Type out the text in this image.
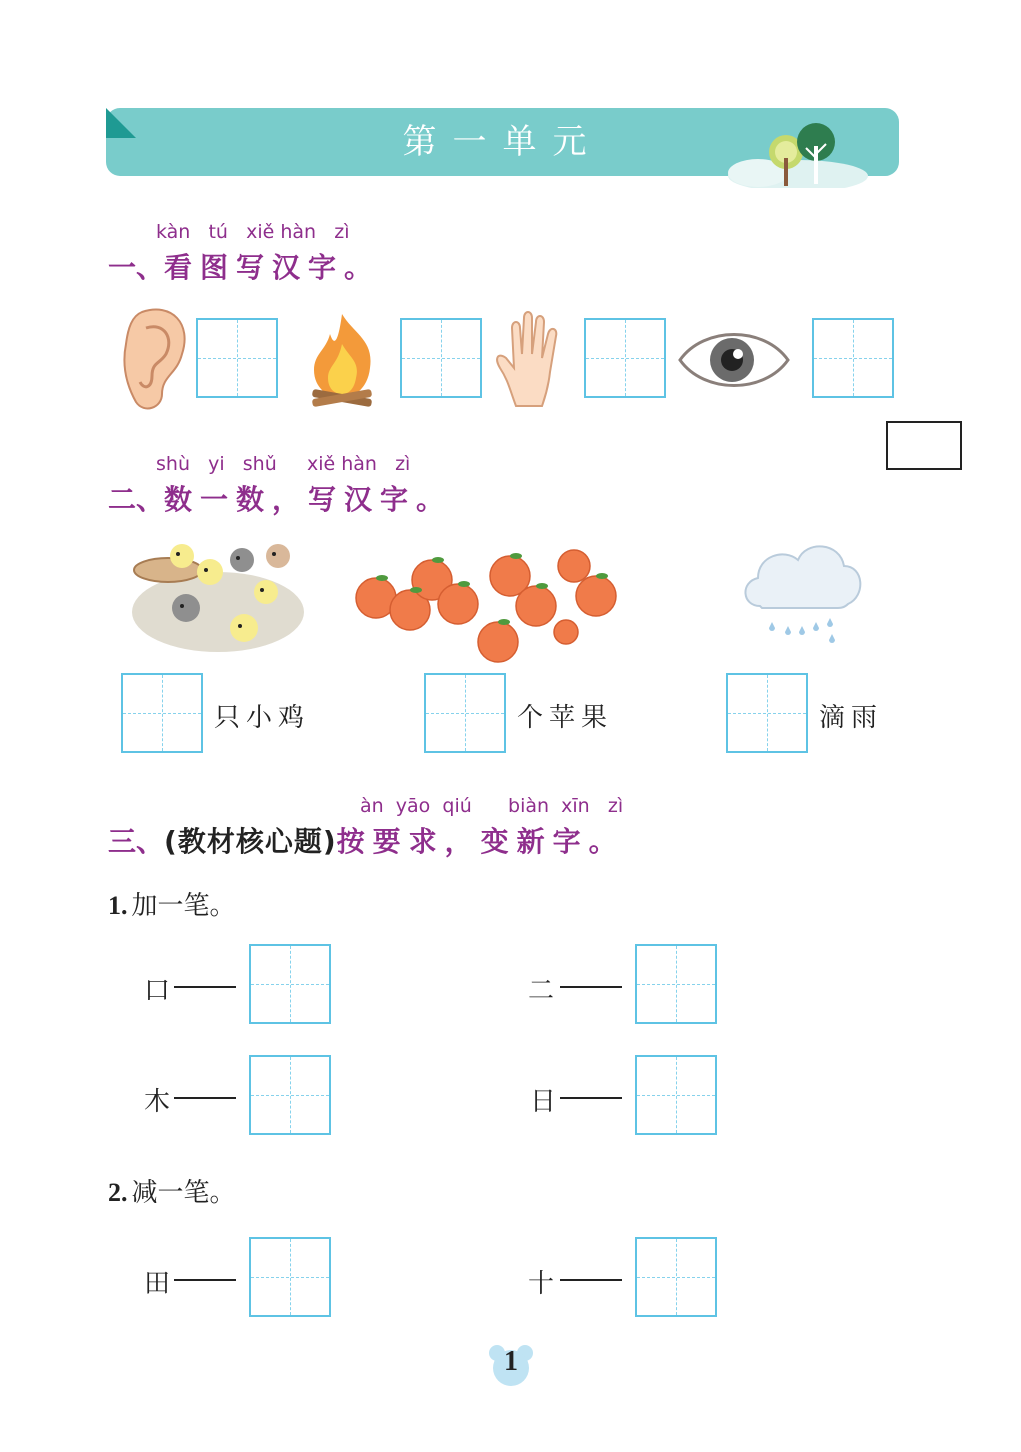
第一单元
kàn tú xiě hàn zì
一、看图写汉字。
shù yi shǔ xiě hàn zì
二、数一数，写汉字。
只小鸡	个苹果	滴雨
àn yāo qiú biàn xīn zì
三、(教材核心题)按要求，变新字。
1. 加一笔。
口	二
木	日
2. 减一笔。
田	十
1
